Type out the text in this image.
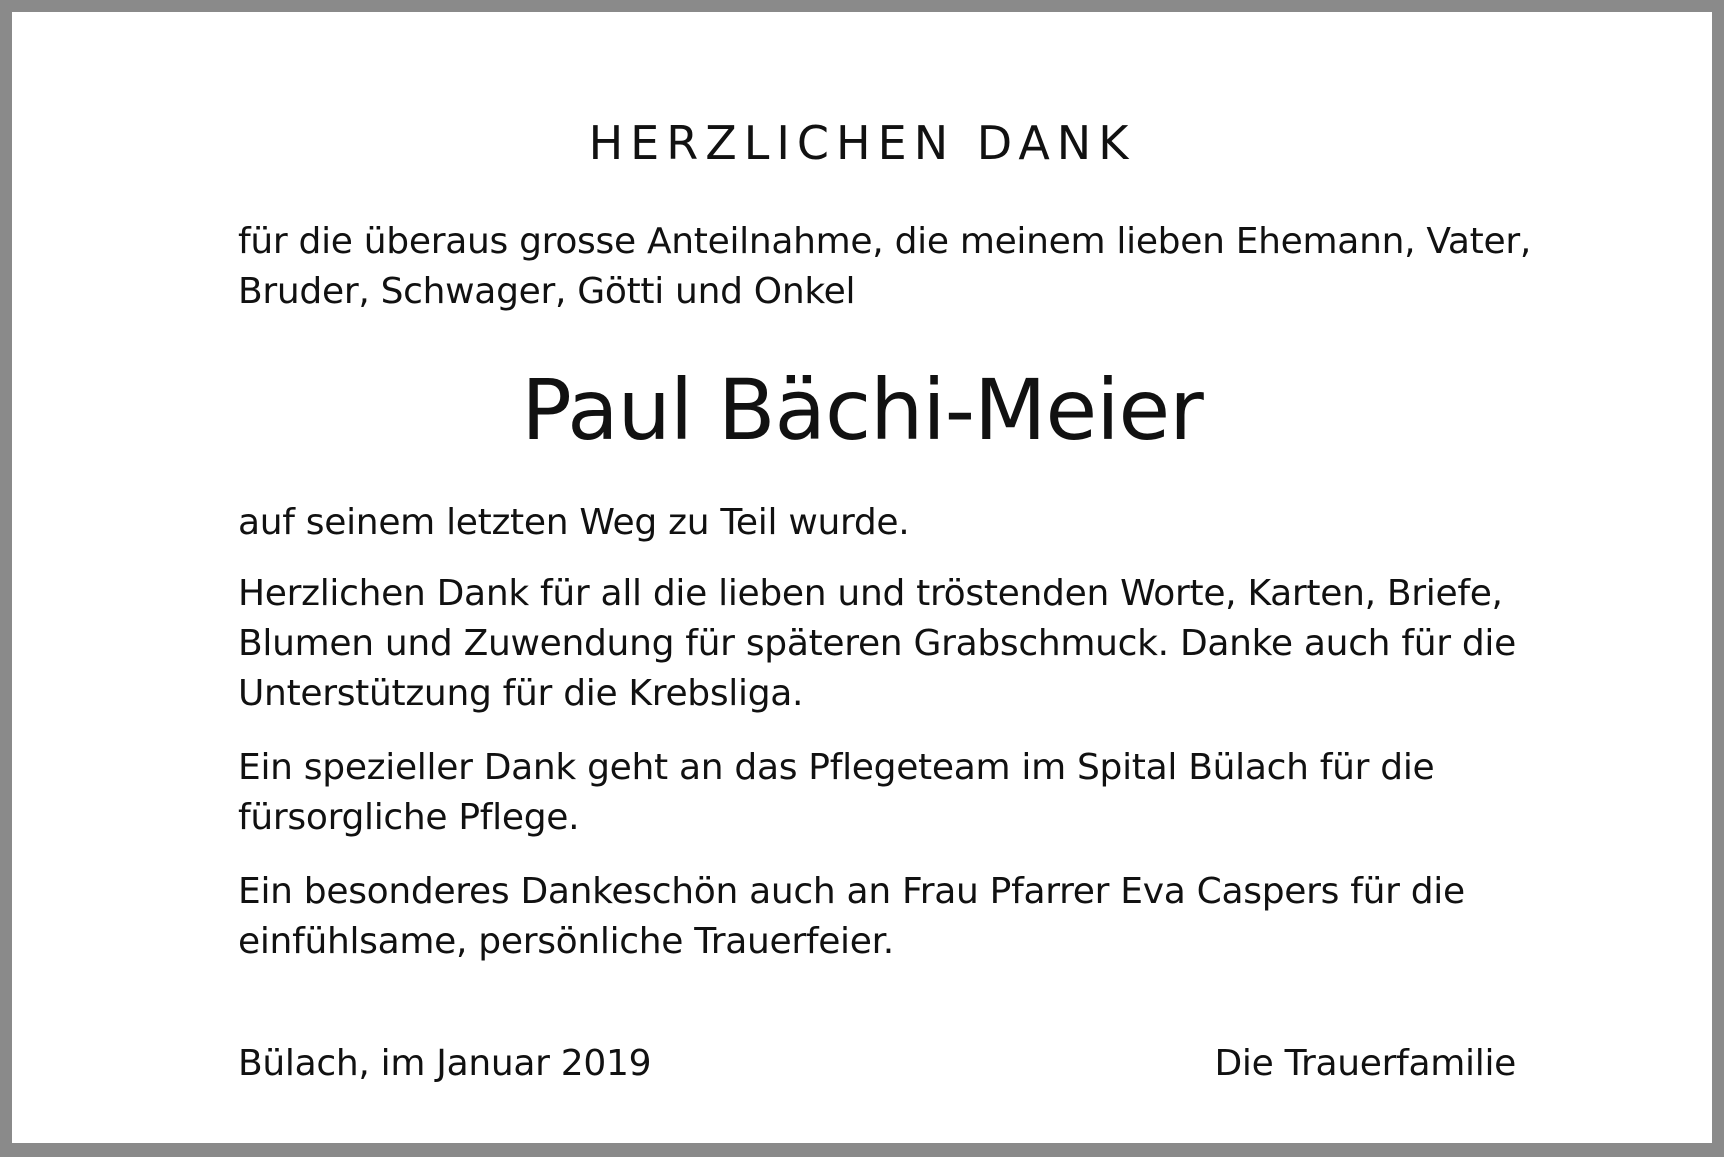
HERZLICHEN DANK

für die überaus grosse Anteilnahme, die meinem lieben Ehemann, Vater, Bruder, Schwager, Götti und Onkel

Paul Bächi-Meier

auf seinem letzten Weg zu Teil wurde.

Herzlichen Dank für all die lieben und tröstenden Worte, Karten, Briefe, Blumen und Zuwendung für späteren Grabschmuck. Danke auch für die Unterstützung für die Krebsliga.

Ein spezieller Dank geht an das Pflegeteam im Spital Bülach für die fürsorgliche Pflege.

Ein besonderes Dankeschön auch an Frau Pfarrer Eva Caspers für die einfühlsame, persönliche Trauerfeier.

Bülach, im Januar 2019	Die Trauerfamilie
